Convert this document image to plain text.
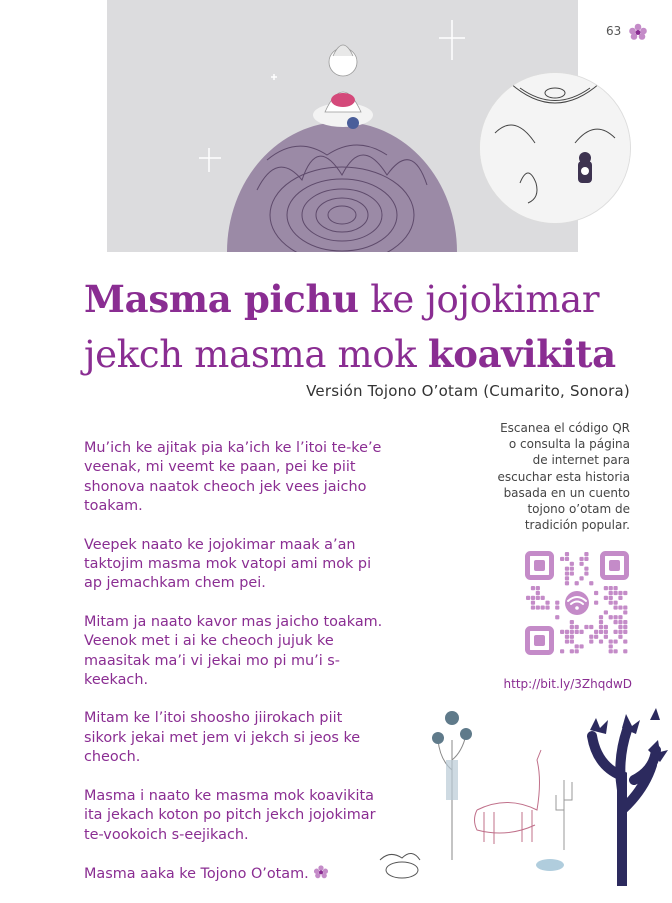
63
Masma pichu ke jojokimar
jekch masma mok koavikita
Versión Tojono O’otam (Cumarito, Sonora)

Mu’ich ke ajitak pia ka’ich ke l’itoi te-ke’e veenak, mi veemt ke paan, pei ke piit shonova naatok cheoch jek vees jaicho toakam.

Veepek naato ke jojokimar maak a’an taktojim masma mok vatopi ami mok pi ap jemachkam chem pei.

Mitam ja naato kavor mas jaicho toakam. Veenok met i ai ke cheoch jujuk ke maasitak ma’i vi jekai mo pi mu’i s-keekach.

Mitam ke l’itoi shoosho jiirokach piit sikork jekai met jem vi jekch si jeos ke cheoch.

Masma i naato ke masma mok koavikita ita jekach koton po pitch jekch jojokimar te-vookoich s-eejikach.

Masma aaka ke Tojono O’otam.

Escanea el código QR o consulta la página de internet para escuchar esta historia basada en un cuento tojono o’otam de tradición popular.
http://bit.ly/3ZhqdwD
